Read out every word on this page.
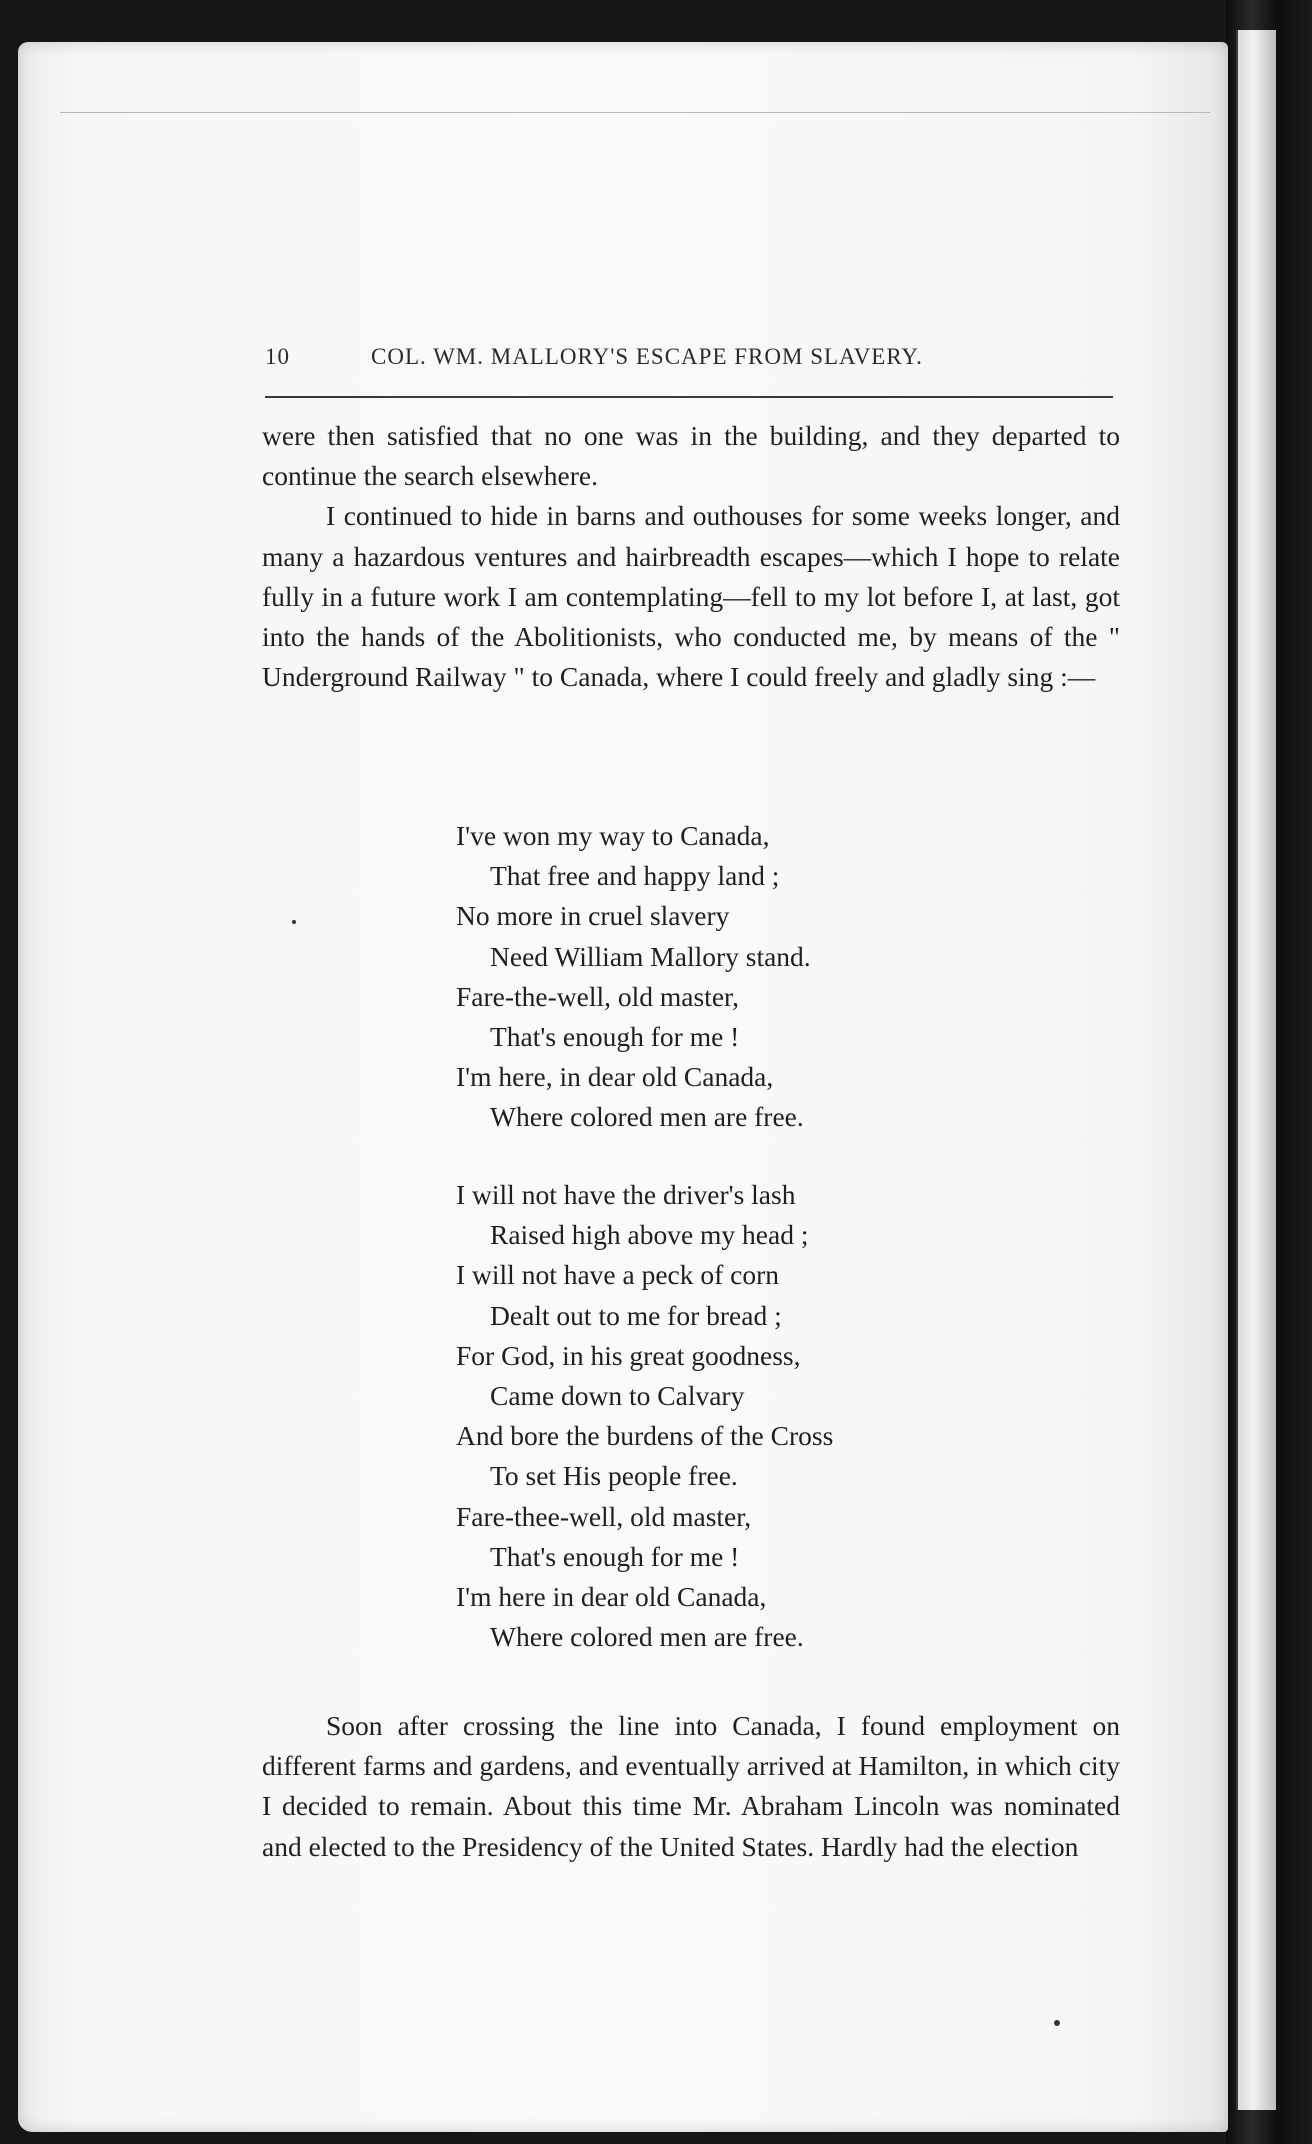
10	COL. WM. MALLORY'S ESCAPE FROM SLAVERY.

were then satisfied that no one was in the building, and they departed to continue the search elsewhere.

I continued to hide in barns and outhouses for some weeks longer, and many a hazardous ventures and hairbreadth escapes—which I hope to relate fully in a future work I am contemplating—fell to my lot before I, at last, got into the hands of the Abolitionists, who conducted me, by means of the " Underground Railway " to Canada, where I could freely and gladly sing :—

I've won my way to Canada,
That free and happy land ;
No more in cruel slavery
Need William Mallory stand.
Fare-the-well, old master,
That's enough for me !
I'm here, in dear old Canada,
Where colored men are free.
I will not have the driver's lash
Raised high above my head ;
I will not have a peck of corn
Dealt out to me for bread ;
For God, in his great goodness,
Came down to Calvary
And bore the burdens of the Cross
To set His people free.
Fare-thee-well, old master,
That's enough for me !
I'm here in dear old Canada,
Where colored men are free.

Soon after crossing the line into Canada, I found employment on different farms and gardens, and eventually arrived at Hamilton, in which city I decided to remain. About this time Mr. Abraham Lincoln was nominated and elected to the Presidency of the United States. Hardly had the election
